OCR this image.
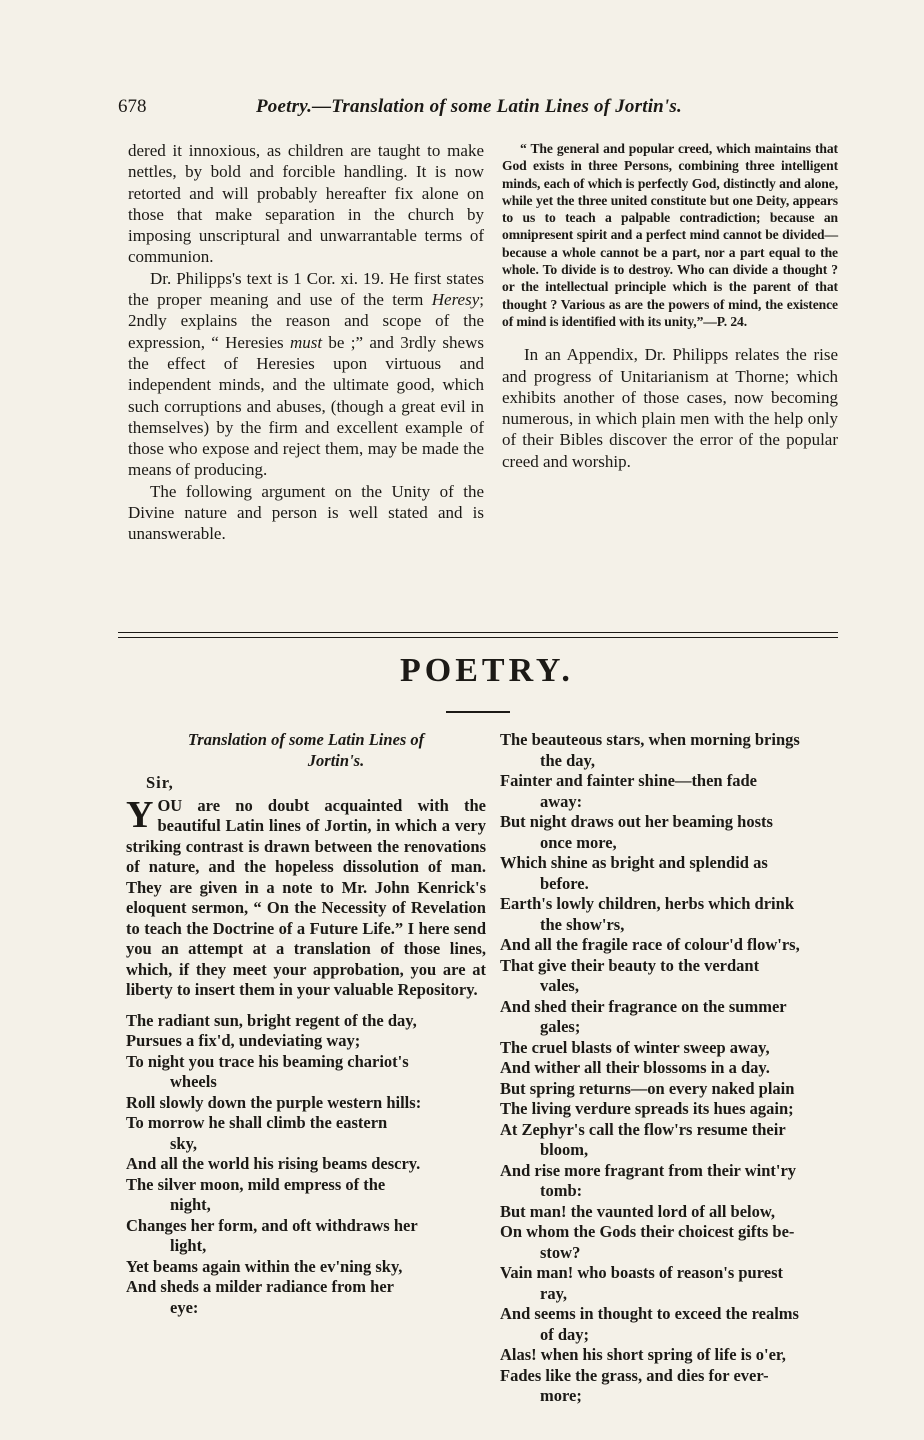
678	Poetry.—Translation of some Latin Lines of Jortin's.

dered it innoxious, as children are taught to make nettles, by bold and forcible handling. It is now retorted and will probably hereafter fix alone on those that make separation in the church by imposing unscriptural and unwarrantable terms of communion.

Dr. Philipps's text is 1 Cor. xi. 19. He first states the proper meaning and use of the term Heresy; 2ndly explains the reason and scope of the expression, “ Heresies must be ;” and 3rdly shews the effect of Heresies upon virtuous and independent minds, and the ultimate good, which such corruptions and abuses, (though a great evil in themselves) by the firm and excellent example of those who expose and reject them, may be made the means of producing.

The following argument on the Unity of the Divine nature and person is well stated and is unanswerable.

“ The general and popular creed, which maintains that God exists in three Persons, combining three intelligent minds, each of which is perfectly God, distinctly and alone, while yet the three united constitute but one Deity, appears to us to teach a palpable contradiction; because an omnipresent spirit and a perfect mind cannot be divided—because a whole cannot be a part, nor a part equal to the whole. To divide is to destroy. Who can divide a thought ? or the intellectual principle which is the parent of that thought ? Various as are the powers of mind, the existence of mind is identified with its unity,”—P. 24.

In an Appendix, Dr. Philipps relates the rise and progress of Unitarianism at Thorne; which exhibits another of those cases, now becoming numerous, in which plain men with the help only of their Bibles discover the error of the popular creed and worship.

POETRY.
Translation of some Latin Lines of
Jortin's.
Sir,
YOU are no doubt acquainted with the beautiful Latin lines of Jortin, in which a very striking contrast is drawn between the renovations of nature, and the hopeless dissolution of man. They are given in a note to Mr. John Kenrick's eloquent sermon, “ On the Necessity of Revelation to teach the Doctrine of a Future Life.” I here send you an attempt at a translation of those lines, which, if they meet your approbation, you are at liberty to insert them in your valuable Repository.
The radiant sun, bright regent of the day,
Pursues a fix'd, undeviating way;
To night you trace his beaming chariot's
wheels
Roll slowly down the purple western hills:
To morrow he shall climb the eastern
sky,
And all the world his rising beams descry.
The silver moon, mild empress of the
night,
Changes her form, and oft withdraws her
light,
Yet beams again within the ev'ning sky,
And sheds a milder radiance from her
eye:
The beauteous stars, when morning brings
the day,
Fainter and fainter shine—then fade
away:
But night draws out her beaming hosts
once more,
Which shine as bright and splendid as
before.
Earth's lowly children, herbs which drink
the show'rs,
And all the fragile race of colour'd flow'rs,
That give their beauty to the verdant
vales,
And shed their fragrance on the summer
gales;
The cruel blasts of winter sweep away,
And wither all their blossoms in a day.
But spring returns—on every naked plain
The living verdure spreads its hues again;
At Zephyr's call the flow'rs resume their
bloom,
And rise more fragrant from their wint'ry
tomb:
But man! the vaunted lord of all below,
On whom the Gods their choicest gifts be-
stow?
Vain man! who boasts of reason's purest
ray,
And seems in thought to exceed the realms
of day;
Alas! when his short spring of life is o'er,
Fades like the grass, and dies for ever-
more;
